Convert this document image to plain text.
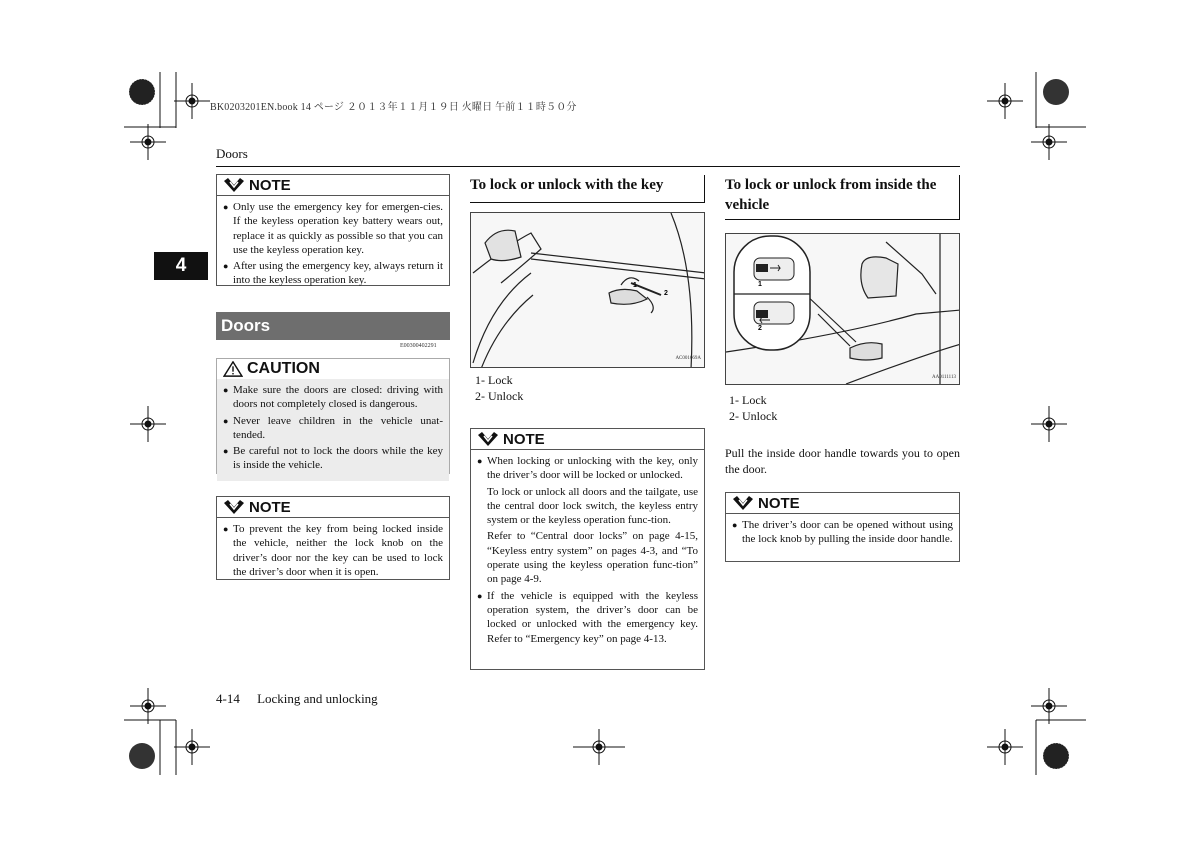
BK0203201EN.book 14 ページ ２０１３年１１月１９日 火曜日 午前１１時５０分
Doors
4
NOTE
● Only use the emergency key for emergen-cies. If the keyless operation key battery wears out, replace it as quickly as possible so that you can use the keyless operation key.
● After using the emergency key, always return it into the keyless operation key.
Doors
E00300402291
CAUTION
● Make sure the doors are closed: driving with doors not completely closed is dangerous.
● Never leave children in the vehicle unat-tended.
● Be careful not to lock the doors while the key is inside the vehicle.
NOTE
● To prevent the key from being locked inside the vehicle, neither the lock knob on the driver’s door nor the key can be used to lock the driver’s door when it is open.
To lock or unlock with the key
1
2
AC001669A
1- Lock
2- Unlock
NOTE
● When locking or unlocking with the key, only the driver’s door will be locked or unlocked.
To lock or unlock all doors and the tailgate, use the central door lock switch, the keyless entry system or the keyless operation func-tion.
Refer to “Central door locks” on page 4-15, “Keyless entry system” on pages 4-3, and “To operate using the keyless operation func-tion” on page 4-9.
● If the vehicle is equipped with the keyless operation system, the driver’s door can be locked or unlocked with the emergency key. Refer to “Emergency key” on page 4-13.
To lock or unlock from inside the vehicle
1
2
AA0111113
1- Lock
2- Unlock
Pull the inside door handle towards you to open the door.
NOTE
● The driver’s door can be opened without using the lock knob by pulling the inside door handle.
4-14 Locking and unlocking
